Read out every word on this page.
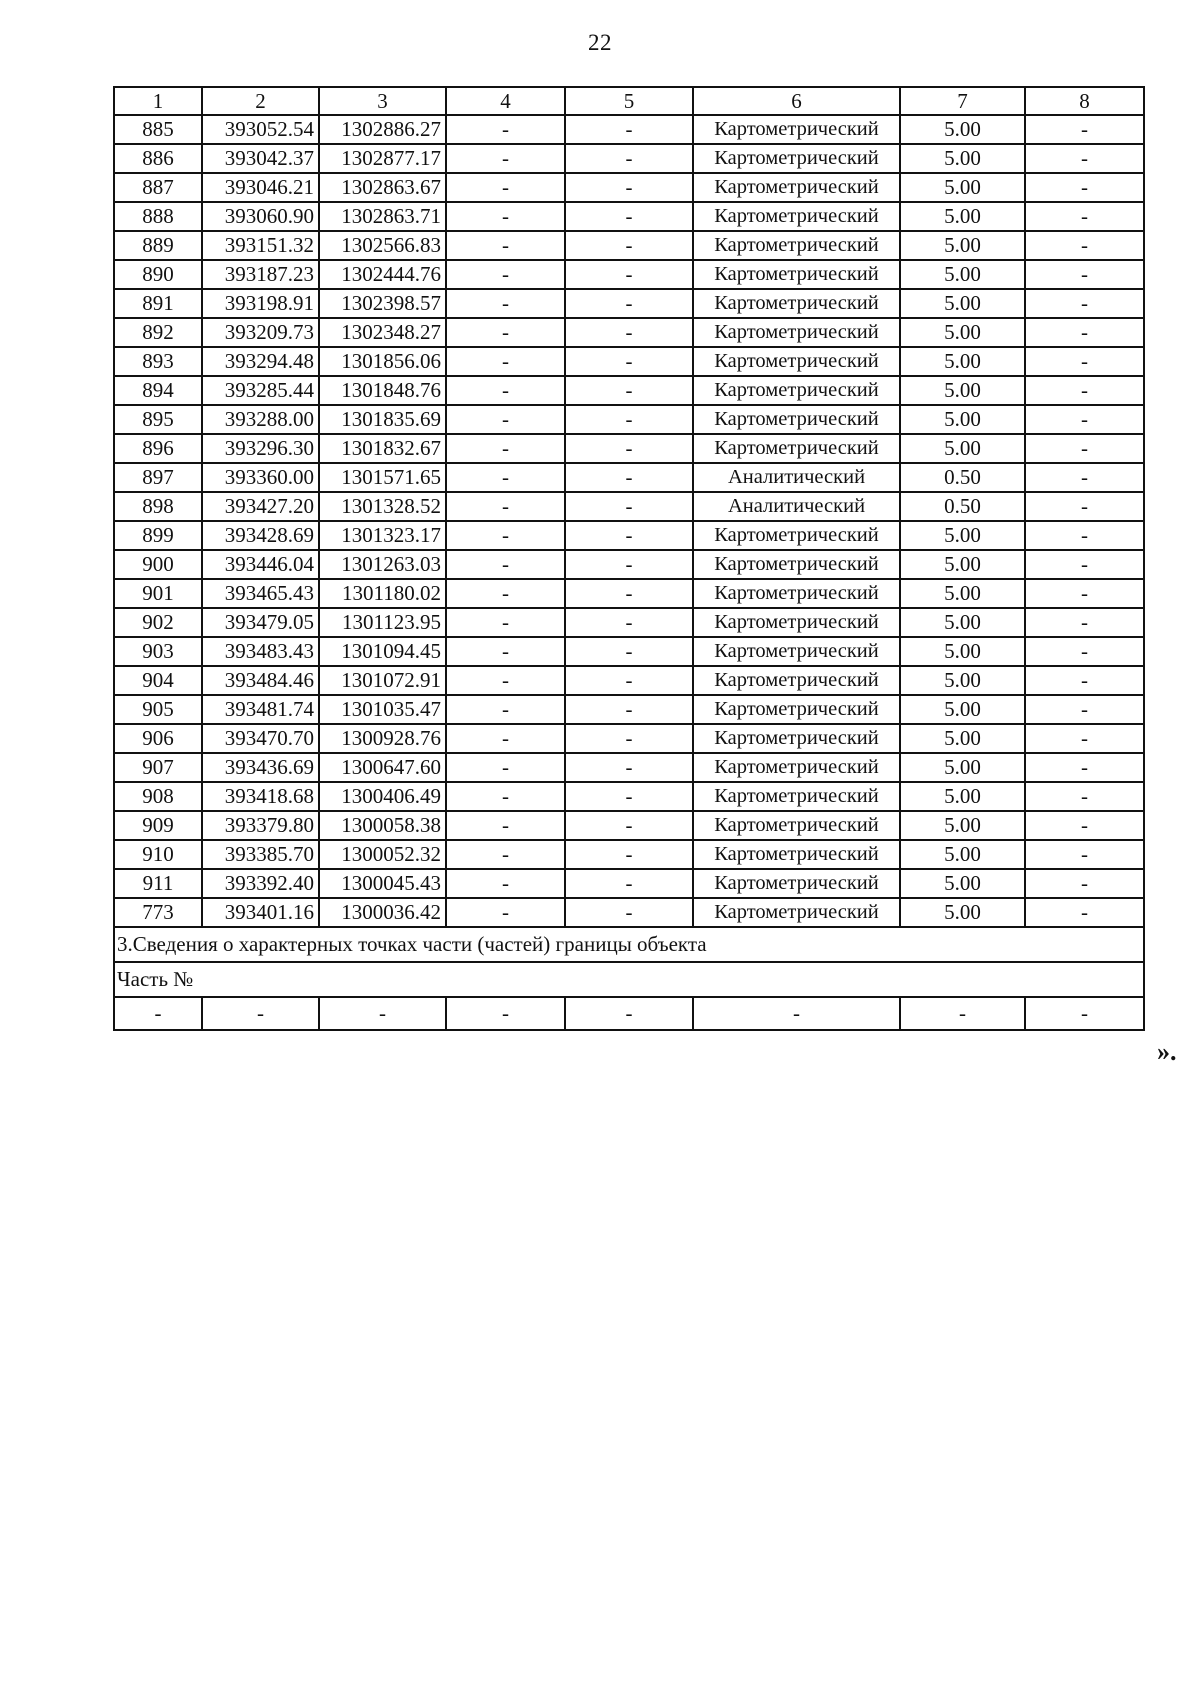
22
1	2	3	4	5	6	7	8
885	393052.54	1302886.27	-	-	Картометрический	5.00	-
886	393042.37	1302877.17	-	-	Картометрический	5.00	-
887	393046.21	1302863.67	-	-	Картометрический	5.00	-
888	393060.90	1302863.71	-	-	Картометрический	5.00	-
889	393151.32	1302566.83	-	-	Картометрический	5.00	-
890	393187.23	1302444.76	-	-	Картометрический	5.00	-
891	393198.91	1302398.57	-	-	Картометрический	5.00	-
892	393209.73	1302348.27	-	-	Картометрический	5.00	-
893	393294.48	1301856.06	-	-	Картометрический	5.00	-
894	393285.44	1301848.76	-	-	Картометрический	5.00	-
895	393288.00	1301835.69	-	-	Картометрический	5.00	-
896	393296.30	1301832.67	-	-	Картометрический	5.00	-
897	393360.00	1301571.65	-	-	Аналитический	0.50	-
898	393427.20	1301328.52	-	-	Аналитический	0.50	-
899	393428.69	1301323.17	-	-	Картометрический	5.00	-
900	393446.04	1301263.03	-	-	Картометрический	5.00	-
901	393465.43	1301180.02	-	-	Картометрический	5.00	-
902	393479.05	1301123.95	-	-	Картометрический	5.00	-
903	393483.43	1301094.45	-	-	Картометрический	5.00	-
904	393484.46	1301072.91	-	-	Картометрический	5.00	-
905	393481.74	1301035.47	-	-	Картометрический	5.00	-
906	393470.70	1300928.76	-	-	Картометрический	5.00	-
907	393436.69	1300647.60	-	-	Картометрический	5.00	-
908	393418.68	1300406.49	-	-	Картометрический	5.00	-
909	393379.80	1300058.38	-	-	Картометрический	5.00	-
910	393385.70	1300052.32	-	-	Картометрический	5.00	-
911	393392.40	1300045.43	-	-	Картометрический	5.00	-
773	393401.16	1300036.42	-	-	Картометрический	5.00	-
3.Сведения о характерных точках части (частей) границы объекта							
Часть №							
-	-	-	-	-	-	-	-
».
